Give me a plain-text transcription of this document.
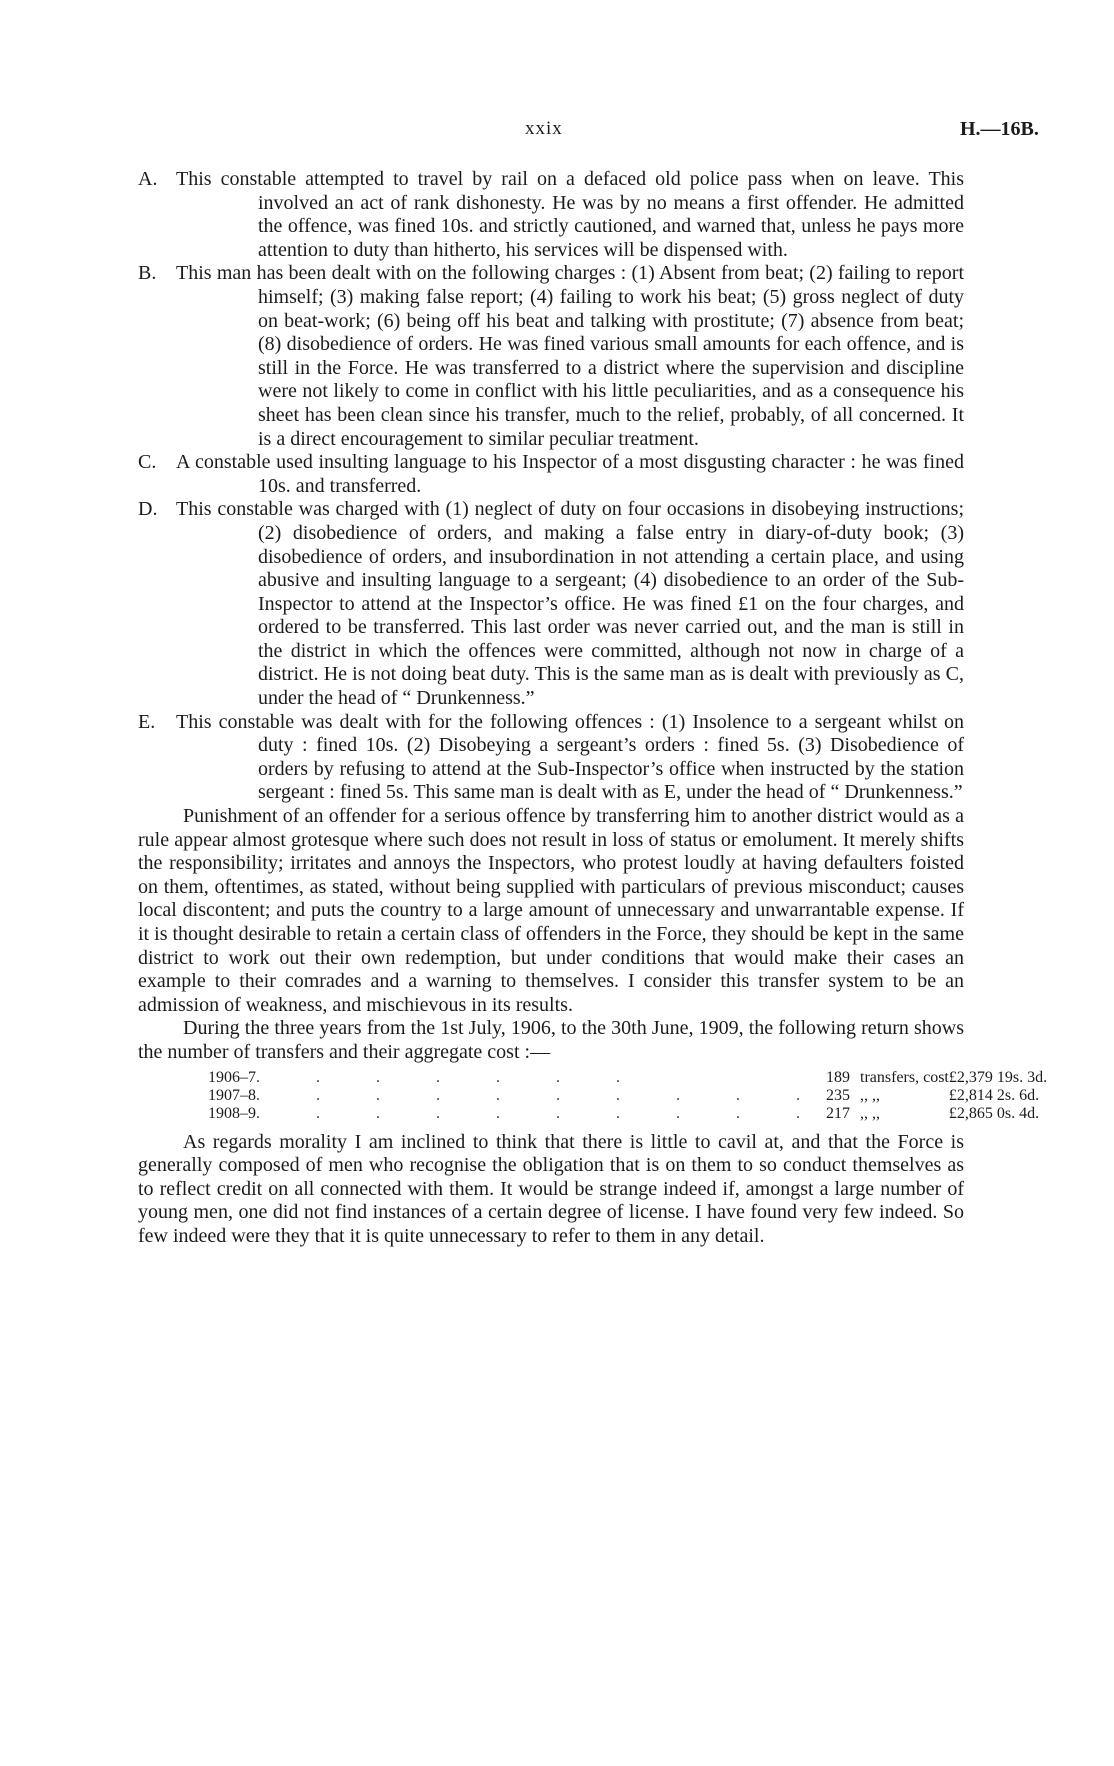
xxix	H.—16B.

A. This constable attempted to travel by rail on a defaced old police pass when on leave. This involved an act of rank dishonesty. He was by no means a first offender. He admitted the offence, was fined 10s. and strictly cautioned, and warned that, unless he pays more attention to duty than hitherto, his services will be dispensed with.

B. This man has been dealt with on the following charges : (1) Absent from beat; (2) failing to report himself; (3) making false report; (4) failing to work his beat; (5) gross neglect of duty on beat-work; (6) being off his beat and talking with prostitute; (7) absence from beat; (8) disobedience of orders. He was fined various small amounts for each offence, and is still in the Force. He was transferred to a district where the supervision and discipline were not likely to come in conflict with his little peculiarities, and as a consequence his sheet has been clean since his transfer, much to the relief, probably, of all concerned. It is a direct encouragement to similar peculiar treatment.

C. A constable used insulting language to his Inspector of a most disgusting character : he was fined 10s. and transferred.

D. This constable was charged with (1) neglect of duty on four occasions in disobeying instructions; (2) disobedience of orders, and making a false entry in diary-of-duty book; (3) disobedience of orders, and insubordination in not attending a certain place, and using abusive and insulting language to a sergeant; (4) disobedience to an order of the Sub-Inspector to attend at the Inspector’s office. He was fined £1 on the four charges, and ordered to be transferred. This last order was never carried out, and the man is still in the district in which the offences were committed, although not now in charge of a district. He is not doing beat duty. This is the same man as is dealt with previously as C, under the head of “ Drunkenness.”

E. This constable was dealt with for the following offences : (1) Insolence to a sergeant whilst on duty : fined 10s. (2) Disobeying a sergeant’s orders : fined 5s. (3) Disobedience of orders by refusing to attend at the Sub-Inspector’s office when instructed by the station sergeant : fined 5s. This same man is dealt with as E, under the head of “ Drunkenness.”

Punishment of an offender for a serious offence by transferring him to another district would as a rule appear almost grotesque where such does not result in loss of status or emolument. It merely shifts the responsibility; irritates and annoys the Inspectors, who protest loudly at having defaulters foisted on them, oftentimes, as stated, without being supplied with particulars of previous misconduct; causes local discontent; and puts the country to a large amount of unnecessary and unwarrantable expense. If it is thought desirable to retain a certain class of offenders in the Force, they should be kept in the same district to work out their own redemption, but under conditions that would make their cases an example to their comrades and a warning to themselves. I consider this transfer system to be an admission of weakness, and mischievous in its results.

During the three years from the 1st July, 1906, to the 30th June, 1909, the following return shows the number of transfers and their aggregate cost :—

1906–7	. . . . . . .	189	transfers, cost	£2,379 19s. 3d.
1907–8	. . . . . . . . . .	235	,, ,,	£2,814 2s. 6d.
1908–9	. . . . . . . . . .	217	,, ,,	£2,865 0s. 4d.

As regards morality I am inclined to think that there is little to cavil at, and that the Force is generally composed of men who recognise the obligation that is on them to so conduct themselves as to reflect credit on all connected with them. It would be strange indeed if, amongst a large number of young men, one did not find instances of a certain degree of license. I have found very few indeed. So few indeed were they that it is quite unnecessary to refer to them in any detail.
